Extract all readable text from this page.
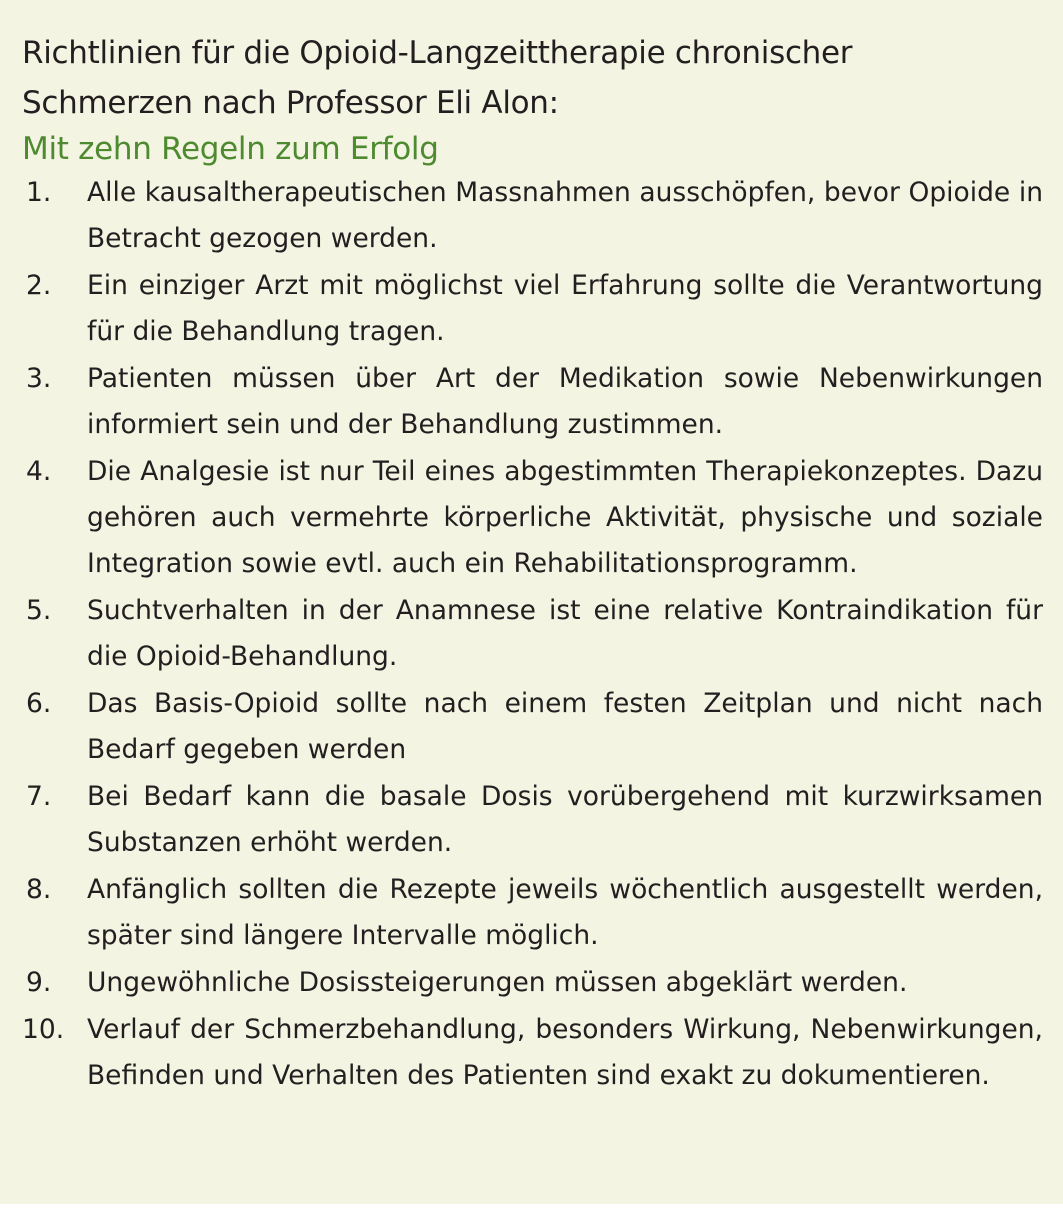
Richtlinien für die Opioid-Langzeittherapie chronischer
Schmerzen nach Professor Eli Alon:

Mit zehn Regeln zum Erfolg

1.	Alle kausaltherapeutischen Massnahmen ausschöpfen, bevor Opioide in Betracht gezogen werden.
2.	Ein einziger Arzt mit möglichst viel Erfahrung sollte die Verantwortung für die Behandlung tragen.
3.	Patienten müssen über Art der Medikation sowie Nebenwirkungen informiert sein und der Behandlung zustimmen.
4.	Die Analgesie ist nur Teil eines abgestimmten Therapiekonzeptes. Dazu gehören auch vermehrte körperliche Aktivität, physische und soziale Integration sowie evtl. auch ein Rehabilitationsprogramm.
5.	Suchtverhalten in der Anamnese ist eine relative Kontraindikation für die Opioid-Behandlung.
6.	Das Basis-Opioid sollte nach einem festen Zeitplan und nicht nach Bedarf gegeben werden
7.	Bei Bedarf kann die basale Dosis vorübergehend mit kurzwirksamen Substanzen erhöht werden.
8.	Anfänglich sollten die Rezepte jeweils wöchentlich ausgestellt werden, später sind längere Intervalle möglich.
9.	Ungewöhnliche Dosissteigerungen müssen abgeklärt werden.
10. Verlauf der Schmerzbehandlung, besonders Wirkung, Nebenwirkungen, Befinden und Verhalten des Patienten sind exakt zu dokumentieren.
